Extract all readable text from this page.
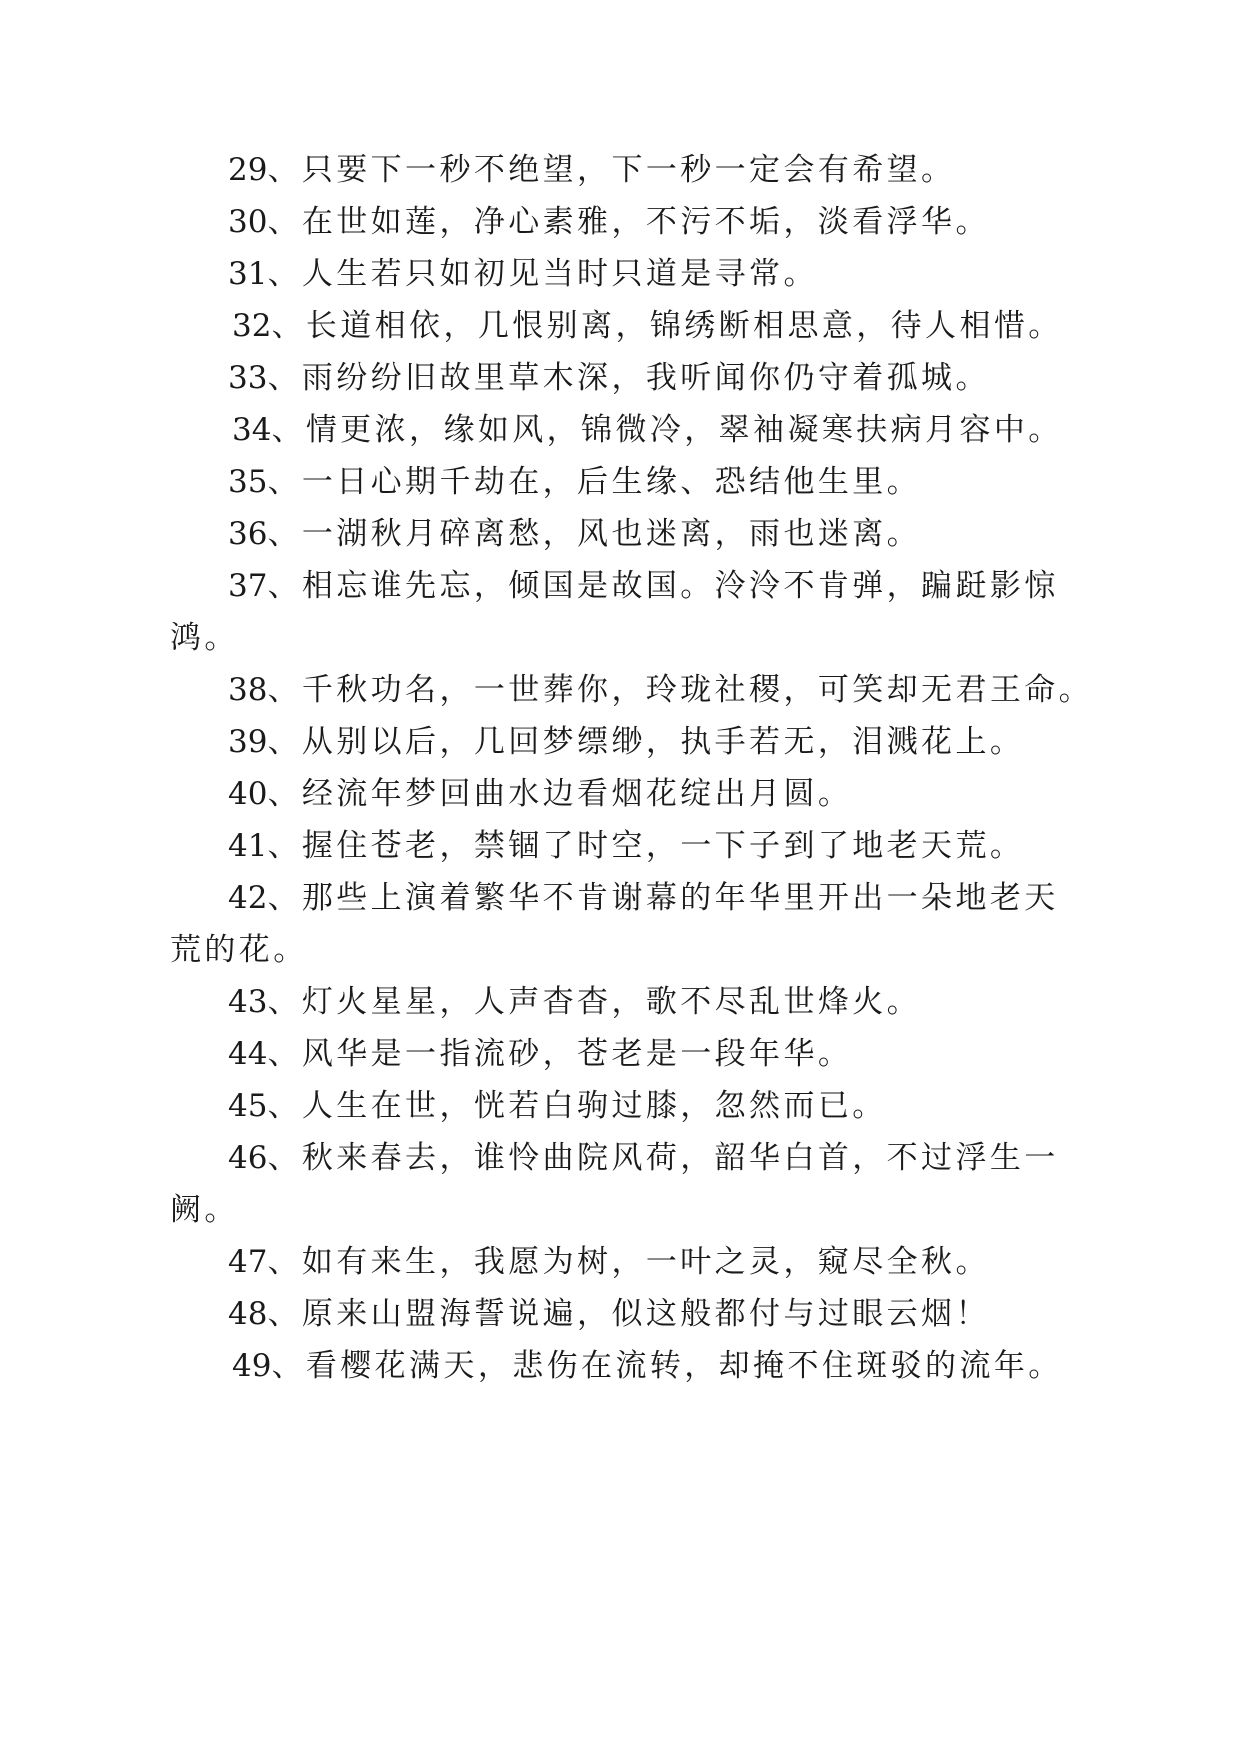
29、只要下一秒不绝望，下一秒一定会有希望。
30、在世如莲，净心素雅，不污不垢，淡看浮华。
31、人生若只如初见当时只道是寻常。
32、长道相依，几恨别离，锦绣断相思意，待人相惜。
33、雨纷纷旧故里草木深，我听闻你仍守着孤城。
34、情更浓，缘如风，锦微冷，翠袖凝寒扶病月容中。
35、一日心期千劫在，后生缘、恐结他生里。
36、一湖秋月碎离愁，风也迷离，雨也迷离。
37、相忘谁先忘，倾国是故国。泠泠不肯弹，蹁跹影惊
鸿。
38、千秋功名，一世葬你，玲珑社稷，可笑却无君王命。
39、从别以后，几回梦缥缈，执手若无，泪溅花上。
40、经流年梦回曲水边看烟花绽出月圆。
41、握住苍老，禁锢了时空，一下子到了地老天荒。
42、那些上演着繁华不肯谢幕的年华里开出一朵地老天
荒的花。
43、灯火星星，人声杳杳，歌不尽乱世烽火。
44、风华是一指流砂，苍老是一段年华。
45、人生在世，恍若白驹过膝，忽然而已。
46、秋来春去，谁怜曲院风荷，韶华白首，不过浮生一
阙。
47、如有来生，我愿为树，一叶之灵，窥尽全秋。
48、原来山盟海誓说遍，似这般都付与过眼云烟！
49、看樱花满天，悲伤在流转，却掩不住斑驳的流年。
